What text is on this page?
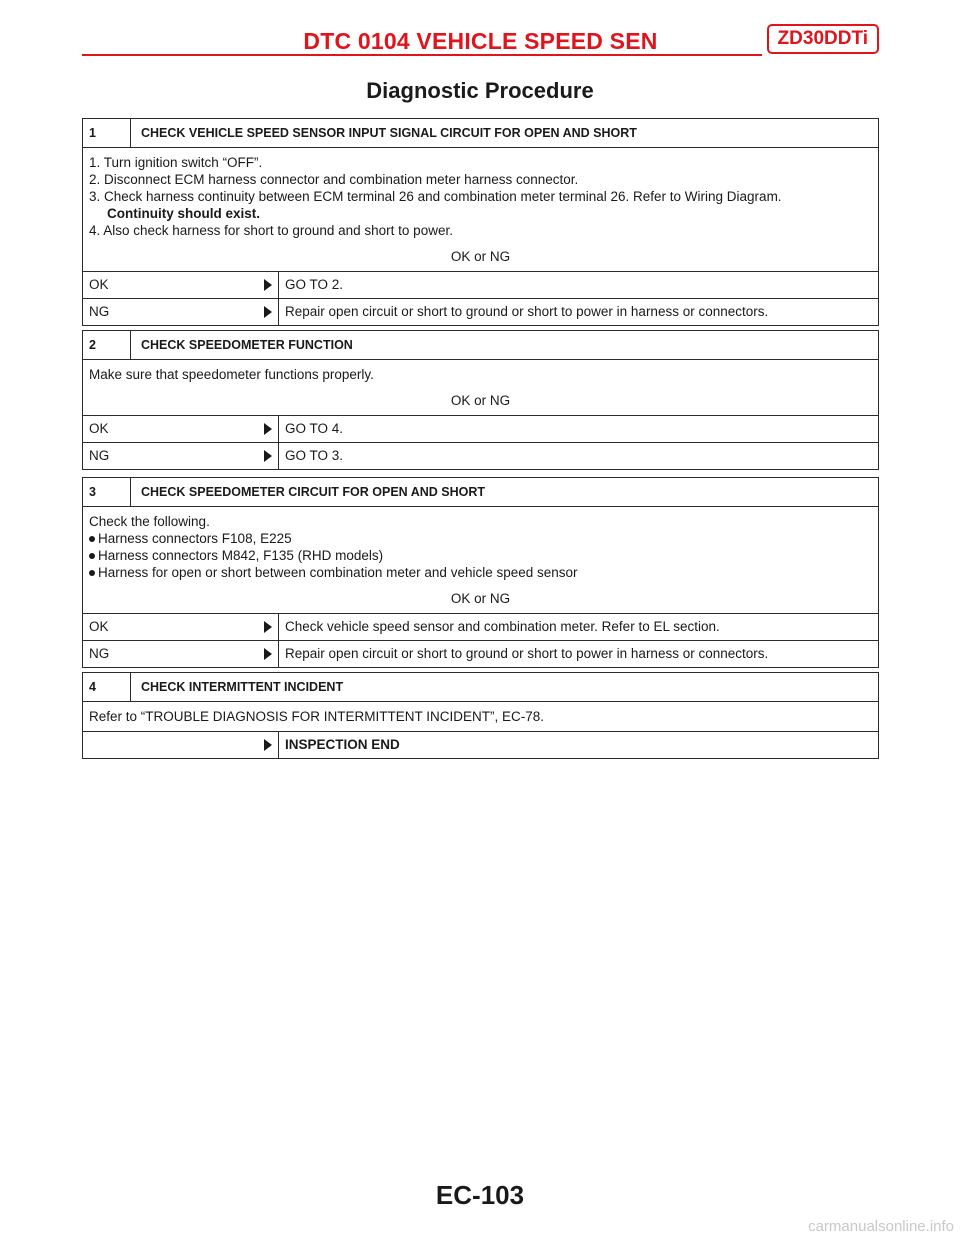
DTC 0104 VEHICLE SPEED SEN	ZD30DDTi
Diagnostic Procedure
1	CHECK VEHICLE SPEED SENSOR INPUT SIGNAL CIRCUIT FOR OPEN AND SHORT
1. Turn ignition switch “OFF”.
2. Disconnect ECM harness connector and combination meter harness connector.
3. Check harness continuity between ECM terminal 26 and combination meter terminal 26. Refer to Wiring Diagram.
Continuity should exist.
4. Also check harness for short to ground and short to power.
OK or NG
OK	GO TO 2.
NG	Repair open circuit or short to ground or short to power in harness or connectors.
2	CHECK SPEEDOMETER FUNCTION
Make sure that speedometer functions properly.
OK or NG
OK	GO TO 4.
NG	GO TO 3.
3	CHECK SPEEDOMETER CIRCUIT FOR OPEN AND SHORT
Check the following.
Harness connectors F108, E225
Harness connectors M842, F135 (RHD models)
Harness for open or short between combination meter and vehicle speed sensor
OK or NG
OK	Check vehicle speed sensor and combination meter. Refer to EL section.
NG	Repair open circuit or short to ground or short to power in harness or connectors.
4	CHECK INTERMITTENT INCIDENT
Refer to “TROUBLE DIAGNOSIS FOR INTERMITTENT INCIDENT”, EC-78.
INSPECTION END
EC-103
carmanualsonline.info
